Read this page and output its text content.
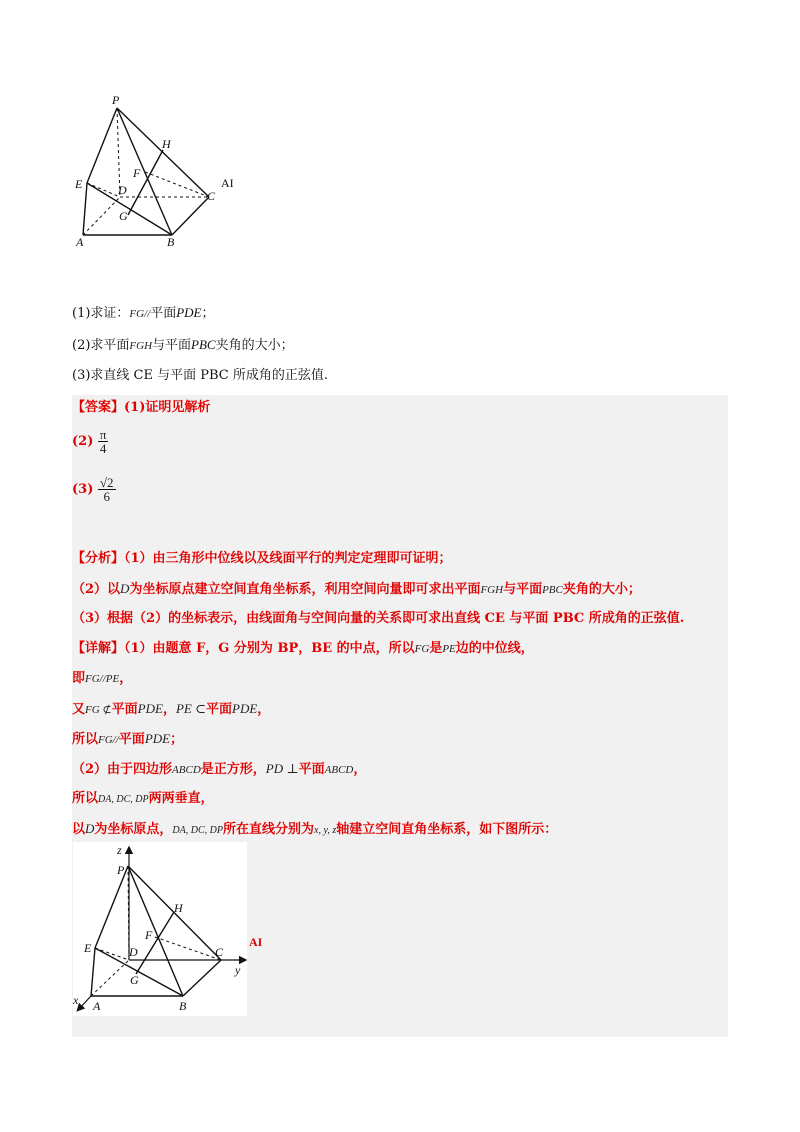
P
H
E	D
F
C
G
A	B
AI
(1)求证：FG//平面PDE；
(2)求平面FGH与平面PBC夹角的大小；
(3)求直线 CE 与平面 PBC 所成角的正弦值.
【答案】(1)证明见解析
$(2) \frac{\pi}{4}$
$(3) \frac{√2}{6}$
【分析】（1）由三角形中位线以及线面平行的判定定理即可证明；
（2）以D为坐标原点建立空间直角坐标系，利用空间向量即可求出平面FGH与平面PBC夹角的大小；
（3）根据（2）的坐标表示，由线面角与空间向量的关系即可求出直线 CE 与平面 PBC 所成角的正弦值.
【详解】（1）由题意 F，G 分别为 BP，BE 的中点，所以FG是PE边的中位线，
即FG//PE，
又FG ⊄平面PDE，PE ⊂平面PDE，
所以FG//平面PDE；
（2）由于四边形ABCD是正方形，PD ⊥平面ABCD，
所以DA, DC, DP两两垂直，
以D为坐标原点，DA, DC, DP所在直线分别为x, y, z轴建立空间直角坐标系，如下图所示：
z
P
H
E	D
F
C
y
G
x A	B
AI
